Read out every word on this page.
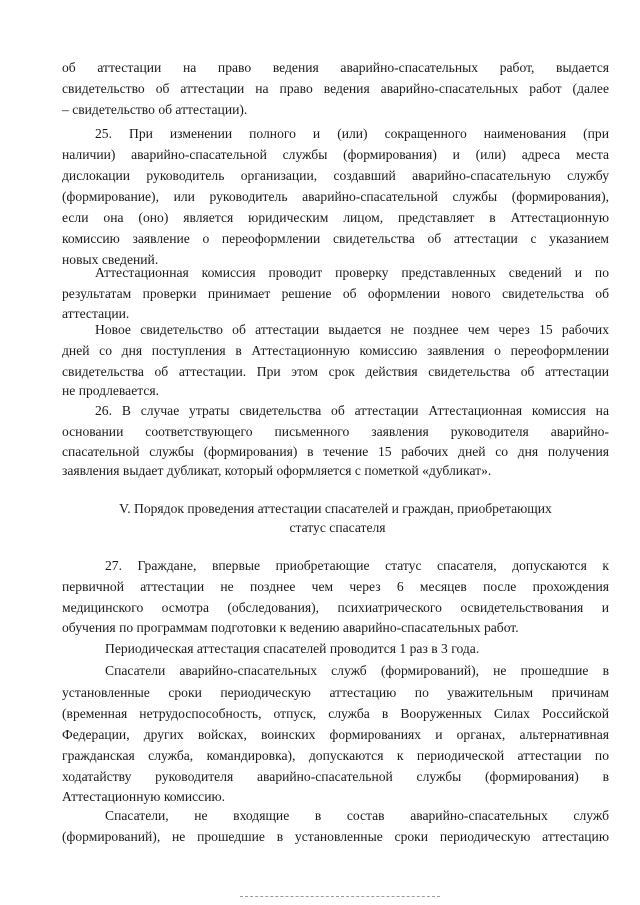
об аттестации на право ведения аварийно-спасательных работ, выдается
свидетельство об аттестации на право ведения аварийно-спасательных работ (далее
– свидетельство об аттестации).
25. При изменении полного и (или) сокращенного наименования (при
наличии) аварийно-спасательной службы (формирования) и (или) адреса места
дислокации руководитель организации, создавший аварийно-спасательную службу
(формирование), или руководитель аварийно-спасательной службы (формирования),
если она (оно) является юридическим лицом, представляет в Аттестационную
комиссию заявление о переоформлении свидетельства об аттестации с указанием
новых сведений.
Аттестационная комиссия проводит проверку представленных сведений и по
результатам проверки принимает решение об оформлении нового свидетельства об
аттестации.
Новое свидетельство об аттестации выдается не позднее чем через 15 рабочих
дней со дня поступления в Аттестационную комиссию заявления о переоформлении
свидетельства об аттестации. При этом срок действия свидетельства об аттестации
не продлевается.
26. В случае утраты свидетельства об аттестации Аттестационная комиссия на
основании соответствующего письменного заявления руководителя аварийно-
спасательной службы (формирования) в течение 15 рабочих дней со дня получения
заявления выдает дубликат, который оформляется с пометкой «дубликат».
V. Порядок проведения аттестации спасателей и граждан, приобретающих
статус спасателя
27. Граждане, впервые приобретающие статус спасателя, допускаются к
первичной аттестации не позднее чем через 6 месяцев после прохождения
медицинского осмотра (обследования), психиатрического освидетельствования и
обучения по программам подготовки к ведению аварийно-спасательных работ.
Периодическая аттестация спасателей проводится 1 раз в 3 года.
Спасатели аварийно-спасательных служб (формирований), не прошедшие в
установленные сроки периодическую аттестацию по уважительным причинам
(временная нетрудоспособность, отпуск, служба в Вооруженных Силах Российской
Федерации, других войсках, воинских формированиях и органах, альтернативная
гражданская служба, командировка), допускаются к периодической аттестации по
ходатайству руководителя аварийно-спасательной службы (формирования) в
Аттестационную комиссию.
Спасатели, не входящие в состав аварийно-спасательных служб
(формирований), не прошедшие в установленные сроки периодическую аттестацию
